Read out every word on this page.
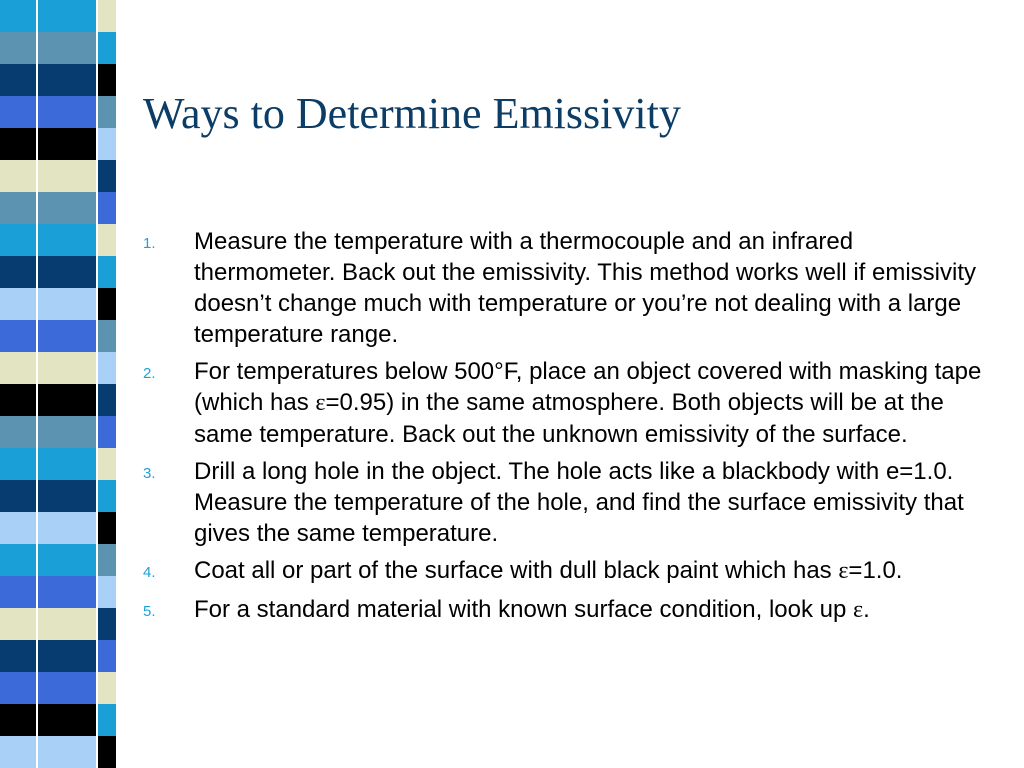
Ways to Determine Emissivity
1.	Measure the temperature with a thermocouple and an infrared thermometer. Back out the emissivity. This method works well if emissivity doesn’t change much with temperature or you’re not dealing with a large temperature range.
2.	For temperatures below 500°F, place an object covered with masking tape (which has ε=0.95) in the same atmosphere. Both objects will be at the same temperature. Back out the unknown emissivity of the surface.
3.	Drill a long hole in the object. The hole acts like a blackbody with e=1.0. Measure the temperature of the hole, and find the surface emissivity that gives the same temperature.
4.	Coat all or part of the surface with dull black paint which has ε=1.0.
5.	For a standard material with known surface condition, look up ε.
